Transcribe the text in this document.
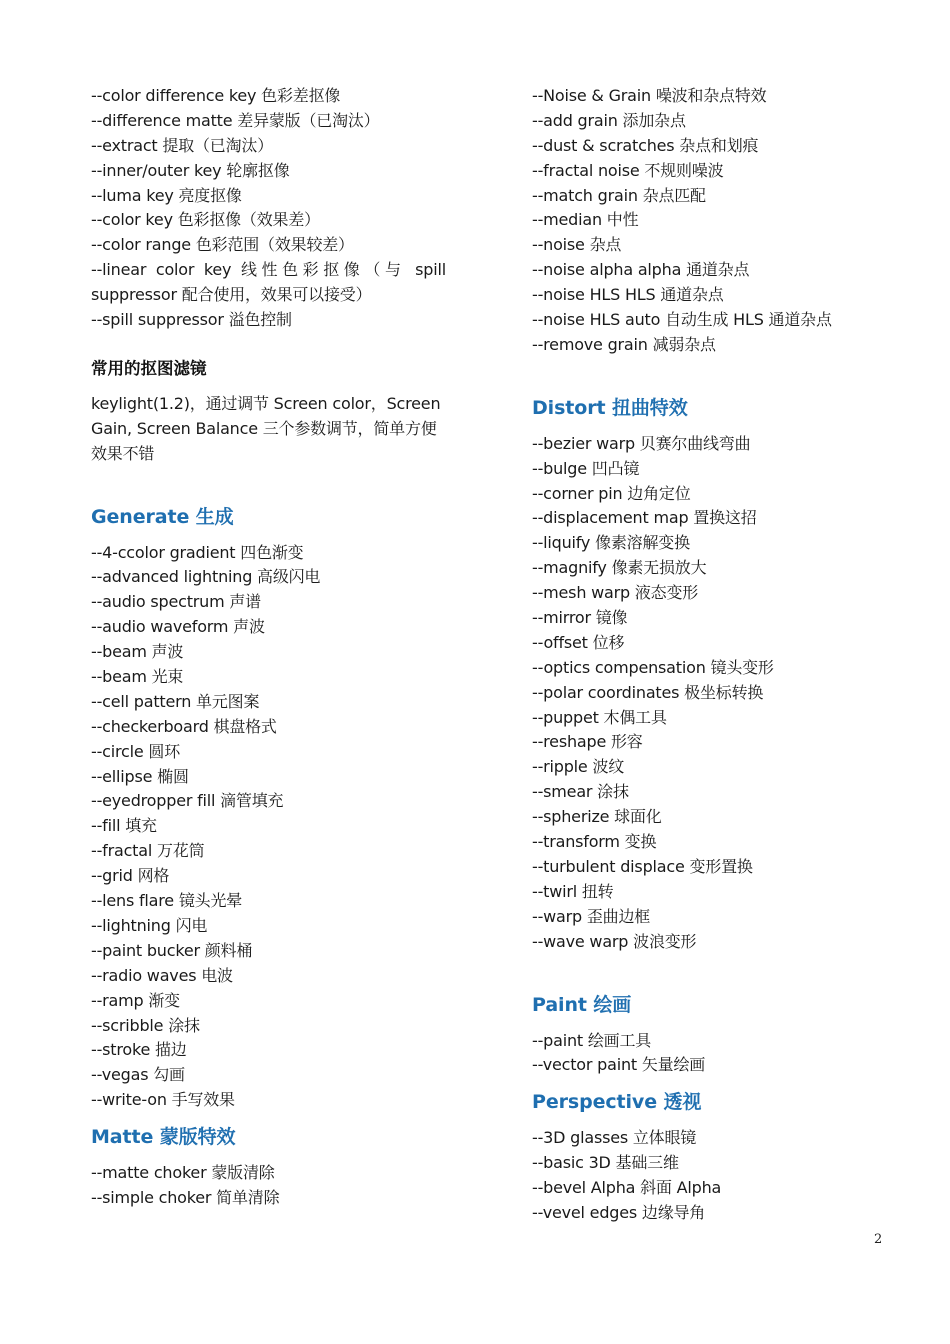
--color difference key 色彩差抠像
--difference matte 差异蒙版（已淘汰）
--extract 提取（已淘汰）
--inner/outer key 轮廓抠像
--luma key 亮度抠像
--color key 色彩抠像（效果差）
--color range 色彩范围（效果较差）
--linear color key 线性色彩抠像（与 spill
suppressor 配合使用，效果可以接受）
--spill suppressor 溢色控制
常用的抠图滤镜
keylight(1.2)，通过调节 Screen color，Screen
Gain, Screen Balance 三个参数调节，简单方便
效果不错
Generate 生成
--4-ccolor gradient 四色渐变
--advanced lightning 高级闪电
--audio spectrum 声谱
--audio waveform 声波
--beam 声波
--beam 光束
--cell pattern 单元图案
--checkerboard 棋盘格式
--circle 圆环
--ellipse 椭圆
--eyedropper fill 滴管填充
--fill 填充
--fractal 万花筒
--grid 网格
--lens flare 镜头光晕
--lightning 闪电
--paint bucker 颜料桶
--radio waves 电波
--ramp 渐变
--scribble 涂抹
--stroke 描边
--vegas 勾画
--write-on 手写效果
Matte 蒙版特效
--matte choker 蒙版清除
--simple choker 简单清除
--Noise & Grain 噪波和杂点特效
--add grain 添加杂点
--dust & scratches 杂点和划痕
--fractal noise 不规则噪波
--match grain 杂点匹配
--median 中性
--noise 杂点
--noise alpha alpha 通道杂点
--noise HLS HLS 通道杂点
--noise HLS auto 自动生成 HLS 通道杂点
--remove grain 减弱杂点
Distort 扭曲特效
--bezier warp 贝赛尔曲线弯曲
--bulge 凹凸镜
--corner pin 边角定位
--displacement map 置换这招
--liquify 像素溶解变换
--magnify 像素无损放大
--mesh warp 液态变形
--mirror 镜像
--offset 位移
--optics compensation 镜头变形
--polar coordinates 极坐标转换
--puppet 木偶工具
--reshape 形容
--ripple 波纹
--smear 涂抹
--spherize 球面化
--transform 变换
--turbulent displace 变形置换
--twirl 扭转
--warp 歪曲边框
--wave warp 波浪变形
Paint 绘画
--paint 绘画工具
--vector paint 矢量绘画
Perspective 透视
--3D glasses 立体眼镜
--basic 3D 基础三维
--bevel Alpha 斜面 Alpha
--vevel edges 边缘导角
2
